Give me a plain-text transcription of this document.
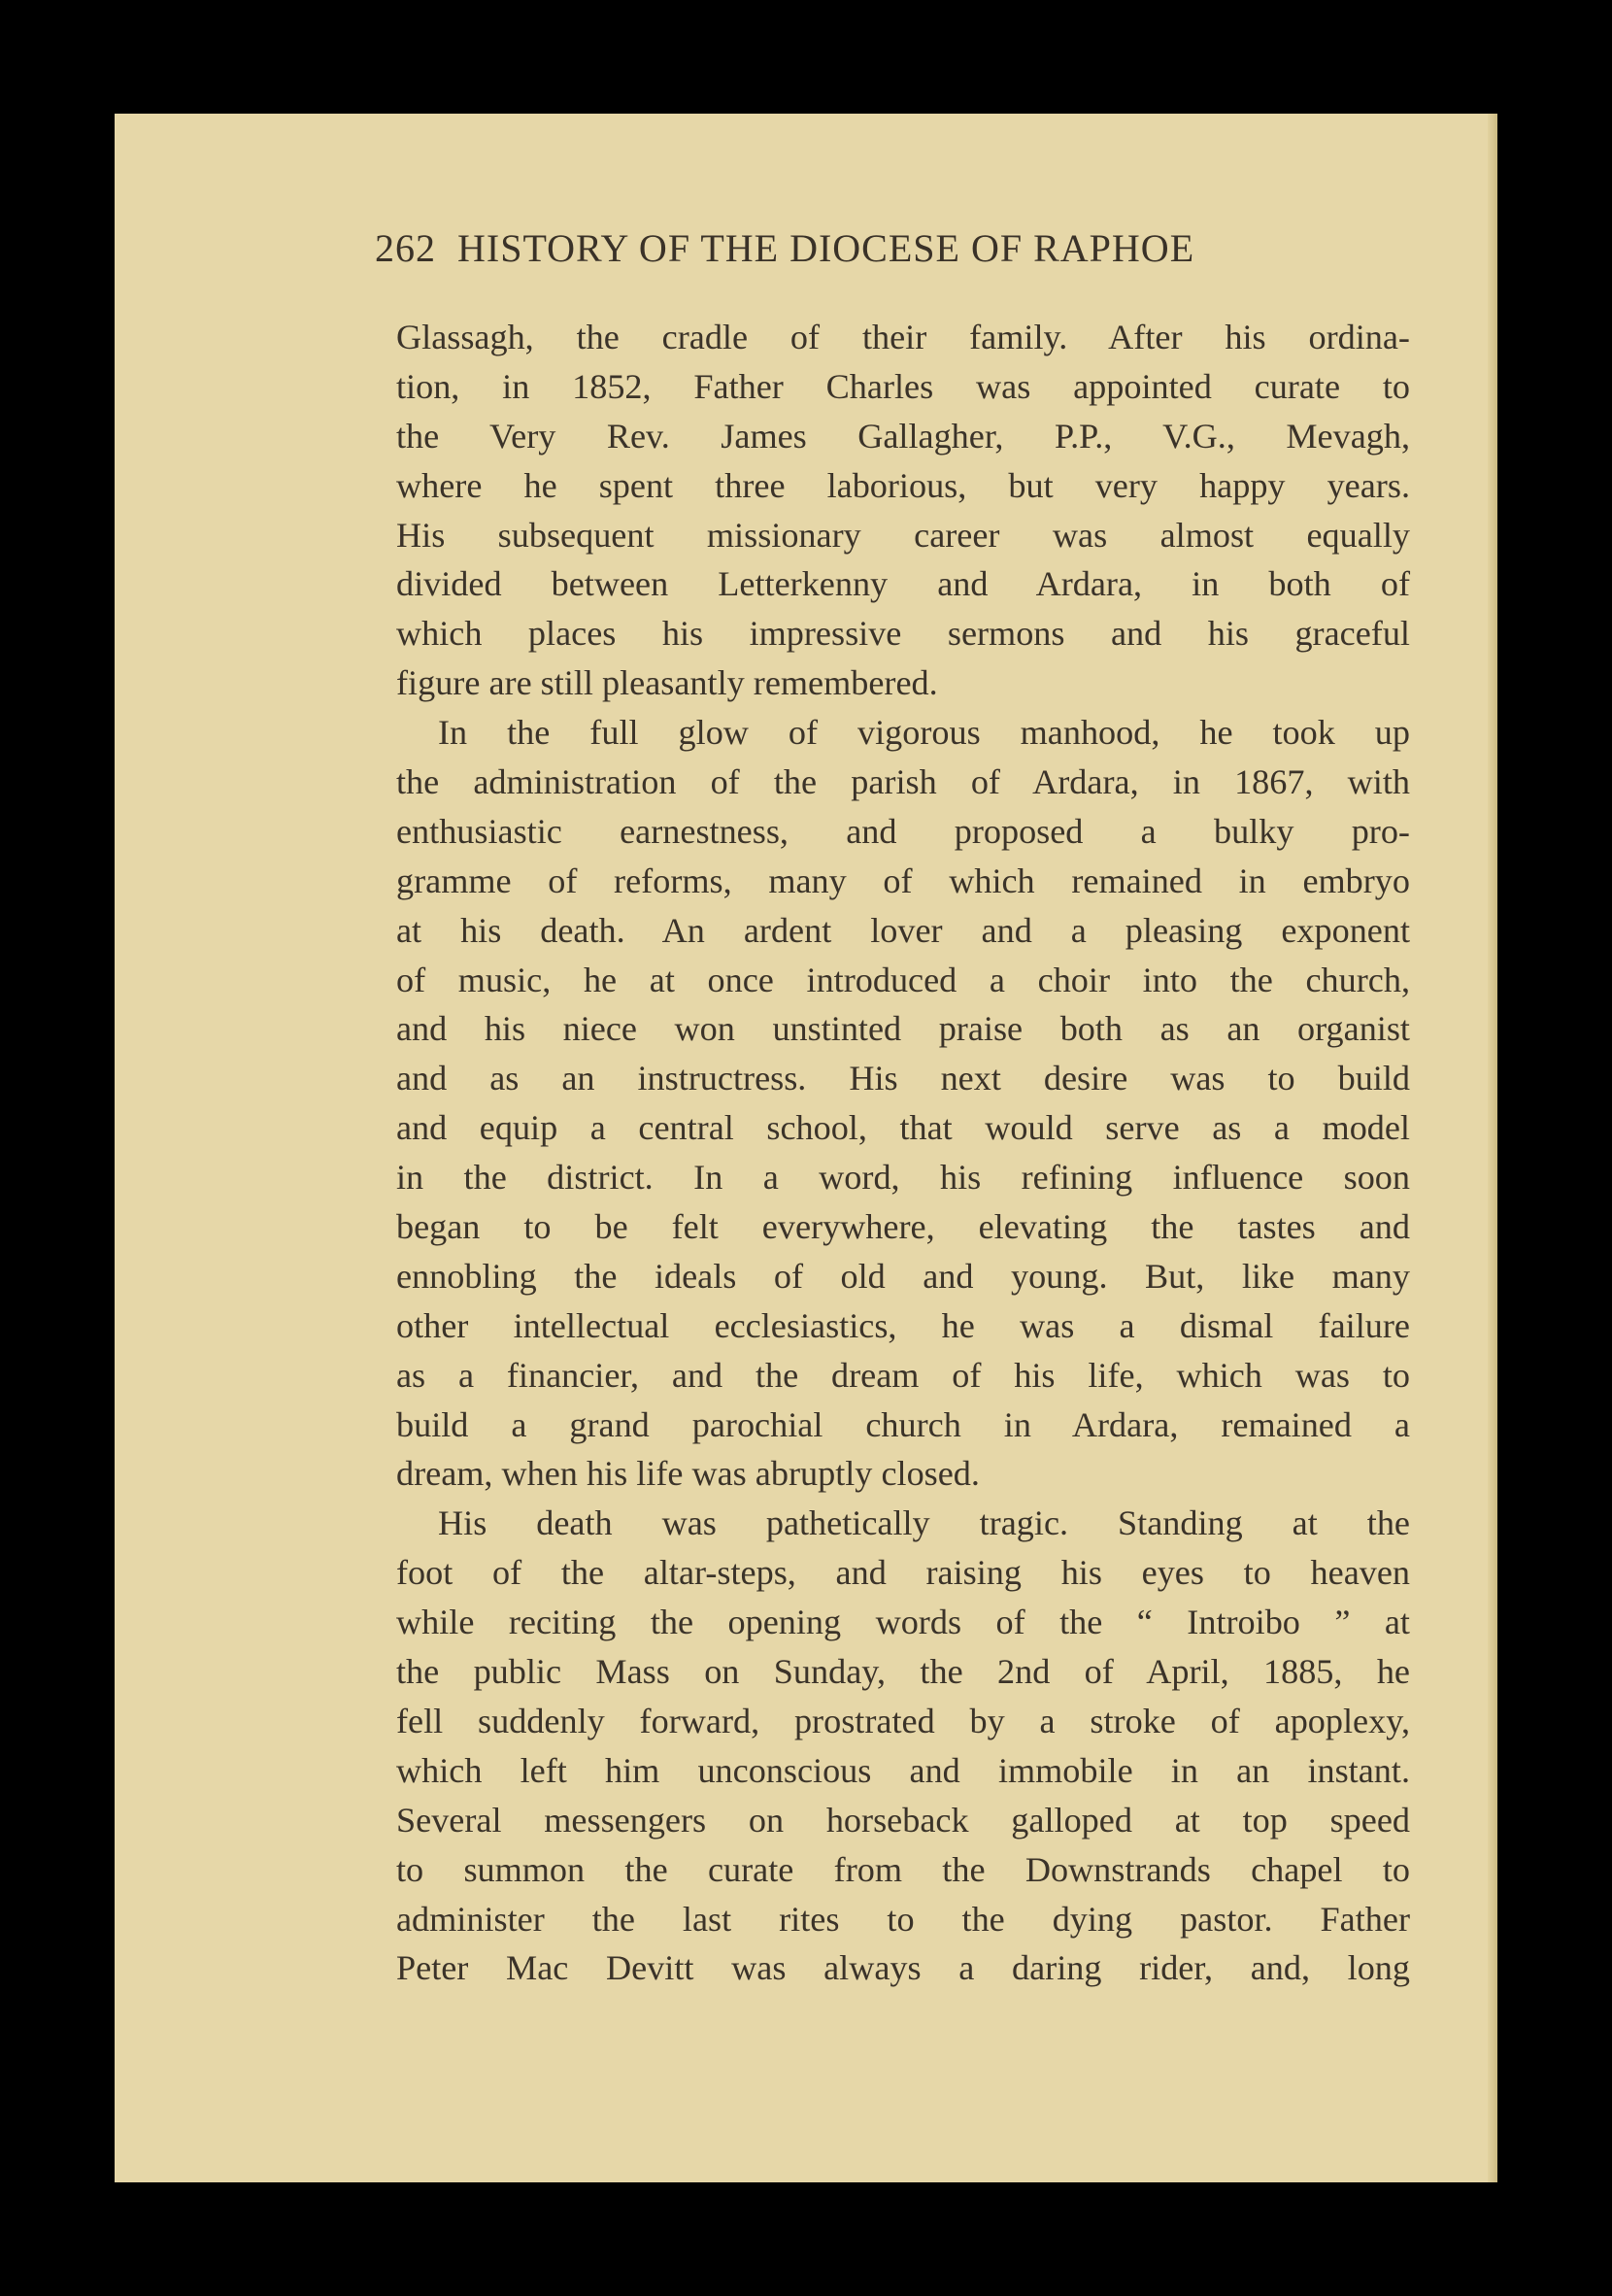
262 HISTORY OF THE DIOCESE OF RAPHOE
Glassagh, the cradle of their family. After his ordina-
tion, in 1852, Father Charles was appointed curate to
the Very Rev. James Gallagher, P.P., V.G., Mevagh,
where he spent three laborious, but very happy years.
His subsequent missionary career was almost equally
divided between Letterkenny and Ardara, in both of
which places his impressive sermons and his graceful
figure are still pleasantly remembered.
In the full glow of vigorous manhood, he took up
the administration of the parish of Ardara, in 1867, with
enthusiastic earnestness, and proposed a bulky pro-
gramme of reforms, many of which remained in embryo
at his death. An ardent lover and a pleasing exponent
of music, he at once introduced a choir into the church,
and his niece won unstinted praise both as an organist
and as an instructress. His next desire was to build
and equip a central school, that would serve as a model
in the district. In a word, his refining influence soon
began to be felt everywhere, elevating the tastes and
ennobling the ideals of old and young. But, like many
other intellectual ecclesiastics, he was a dismal failure
as a financier, and the dream of his life, which was to
build a grand parochial church in Ardara, remained a
dream, when his life was abruptly closed.
His death was pathetically tragic. Standing at the
foot of the altar-steps, and raising his eyes to heaven
while reciting the opening words of the “ Introibo ” at
the public Mass on Sunday, the 2nd of April, 1885, he
fell suddenly forward, prostrated by a stroke of apoplexy,
which left him unconscious and immobile in an instant.
Several messengers on horseback galloped at top speed
to summon the curate from the Downstrands chapel to
administer the last rites to the dying pastor. Father
Peter Mac Devitt was always a daring rider, and, long
